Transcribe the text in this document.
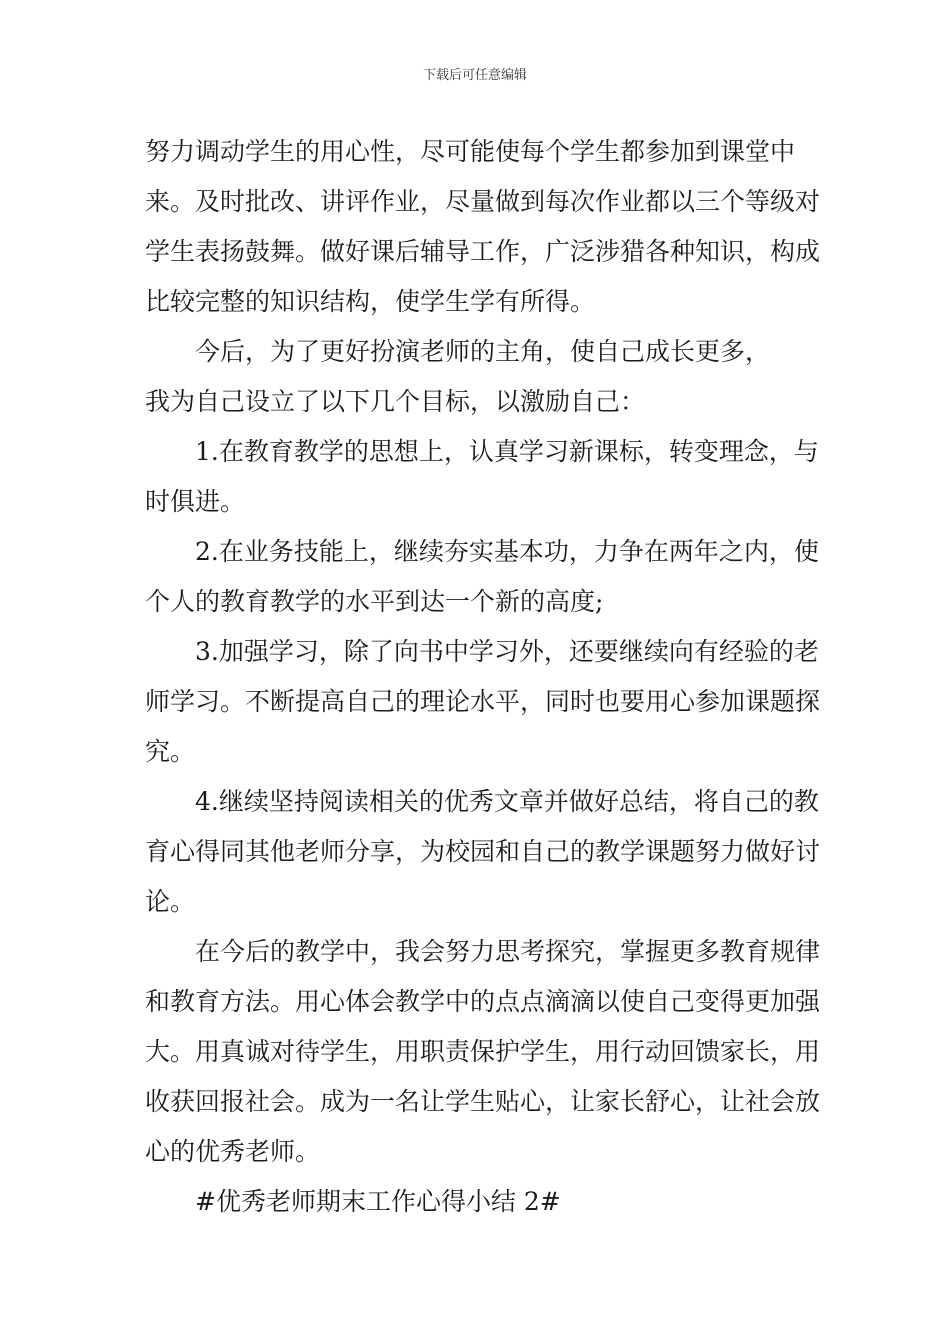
下载后可任意编辑

努力调动学生的用心性，尽可能使每个学生都参加到课堂中来。及时批改、讲评作业，尽量做到每次作业都以三个等级对学生表扬鼓舞。做好课后辅导工作，广泛涉猎各种知识，构成比较完整的知识结构，使学生学有所得。

今后，为了更好扮演老师的主角，使自己成长更多，

我为自己设立了以下几个目标，以激励自己：

1.在教育教学的思想上，认真学习新课标，转变理念，与时俱进。

2.在业务技能上，继续夯实基本功，力争在两年之内，使个人的教育教学的水平到达一个新的高度;

3.加强学习，除了向书中学习外，还要继续向有经验的老师学习。不断提高自己的理论水平，同时也要用心参加课题探究。

4.继续坚持阅读相关的优秀文章并做好总结，将自己的教育心得同其他老师分享，为校园和自己的教学课题努力做好讨论。

在今后的教学中，我会努力思考探究，掌握更多教育规律和教育方法。用心体会教学中的点点滴滴以使自己变得更加强大。用真诚对待学生，用职责保护学生，用行动回馈家长，用收获回报社会。成为一名让学生贴心，让家长舒心，让社会放心的优秀老师。

#优秀老师期末工作心得小结 2#
